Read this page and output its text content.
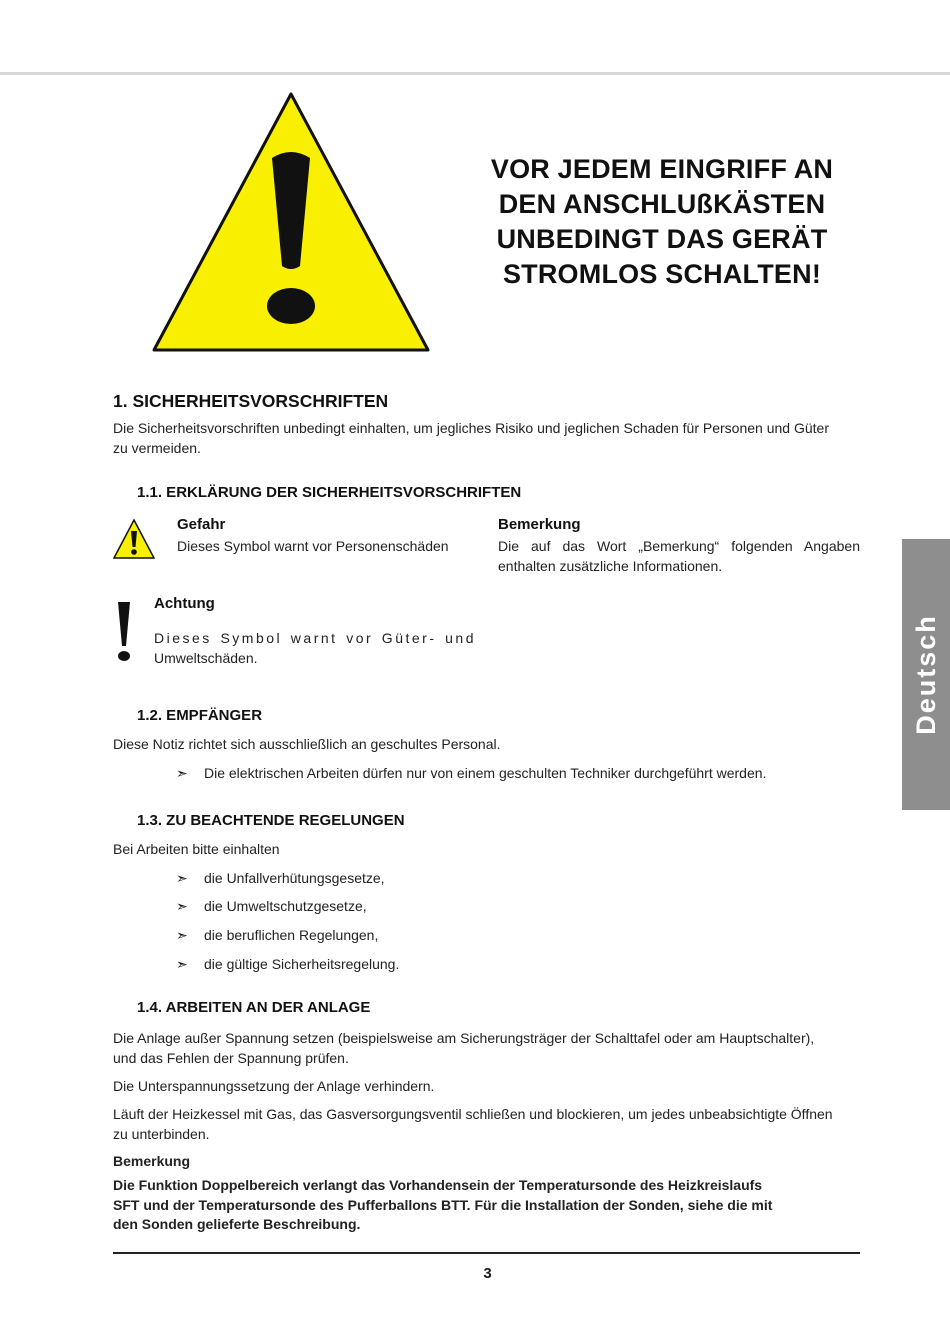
VOR JEDEM EINGRIFF AN
DEN ANSCHLUßKÄSTEN
UNBEDINGT DAS GERÄT
STROMLOS SCHALTEN!
Deutsch
1. SICHERHEITSVORSCHRIFTEN
Die Sicherheitsvorschriften unbedingt einhalten, um jegliches Risiko und jeglichen Schaden für Personen und Güter
zu vermeiden.
1.1. ERKLÄRUNG DER SICHERHEITSVORSCHRIFTEN
Gefahr
Dieses Symbol warnt vor Personenschäden
Bemerkung
Die auf das Wort „Bemerkung“ folgenden Angaben
enthalten zusätzliche Informationen.
Achtung
Dieses Symbol warnt vor Güter- und
Umweltschäden.
1.2. EMPFÄNGER
Diese Notiz richtet sich ausschließlich an geschultes Personal.
➣ Die elektrischen Arbeiten dürfen nur von einem geschulten Techniker durchgeführt werden.
1.3. ZU BEACHTENDE REGELUNGEN
Bei Arbeiten bitte einhalten
➣ die Unfallverhütungsgesetze,
➣ die Umweltschutzgesetze,
➣ die beruflichen Regelungen,
➣ die gültige Sicherheitsregelung.
1.4. ARBEITEN AN DER ANLAGE
Die Anlage außer Spannung setzen (beispielsweise am Sicherungsträger der Schalttafel oder am Hauptschalter),
und das Fehlen der Spannung prüfen.
Die Unterspannungssetzung der Anlage verhindern.
Läuft der Heizkessel mit Gas, das Gasversorgungsventil schließen und blockieren, um jedes unbeabsichtigte Öffnen
zu unterbinden.
Bemerkung
Die Funktion Doppelbereich verlangt das Vorhandensein der Temperatursonde des Heizkreislaufs
SFT und der Temperatursonde des Pufferballons BTT. Für die Installation der Sonden, siehe die mit
den Sonden gelieferte Beschreibung.
3
